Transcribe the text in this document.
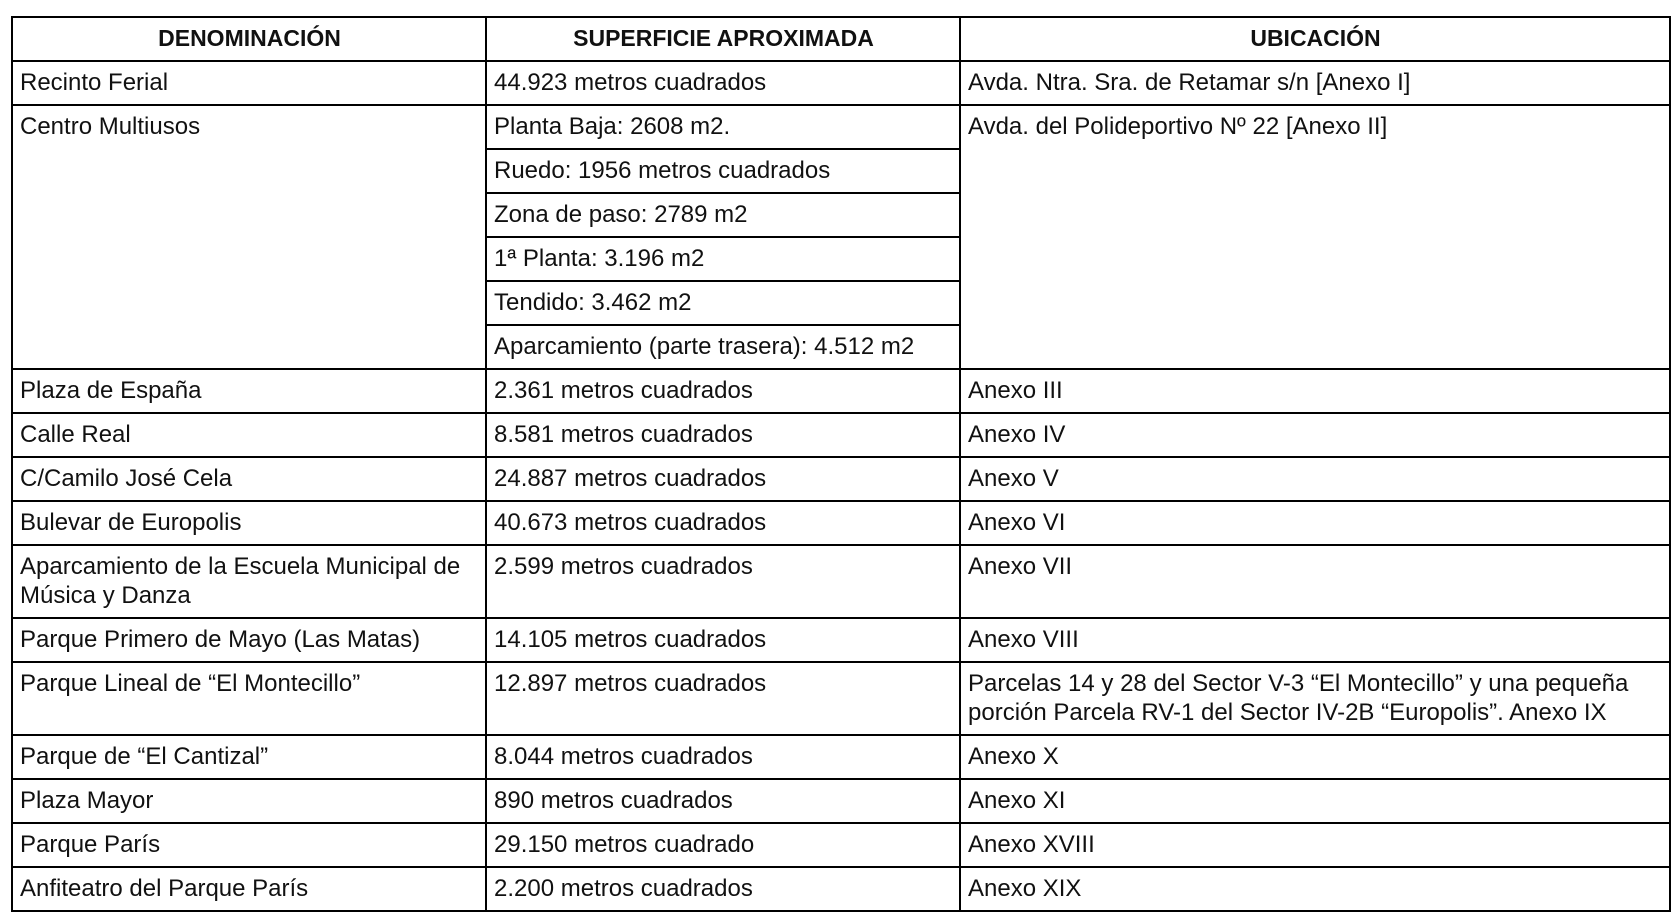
DENOMINACIÓN	SUPERFICIE APROXIMADA	UBICACIÓN
Recinto Ferial	44.923 metros cuadrados	Avda. Ntra. Sra. de Retamar s/n [Anexo I]
Centro Multiusos	Planta Baja: 2608 m2.	Avda. del Polideportivo Nº 22 [Anexo II]
	Ruedo: 1956 metros cuadrados	
	Zona de paso: 2789 m2	
	1ª Planta: 3.196 m2	
	Tendido: 3.462 m2	
	Aparcamiento (parte trasera): 4.512 m2	
Plaza de España	2.361 metros cuadrados	Anexo III
Calle Real	8.581 metros cuadrados	Anexo IV
C/Camilo José Cela	24.887 metros cuadrados	Anexo V
Bulevar de Europolis	40.673 metros cuadrados	Anexo VI
Aparcamiento de la Escuela Municipal de Música y Danza	2.599 metros cuadrados	Anexo VII
Parque Primero de Mayo (Las Matas)	14.105 metros cuadrados	Anexo VIII
Parque Lineal de “El Montecillo”	12.897 metros cuadrados	Parcelas 14 y 28 del Sector V-3 “El Montecillo” y una pequeña porción Parcela RV-1 del Sector IV-2B “Europolis”. Anexo IX
Parque de “El Cantizal”	8.044 metros cuadrados	Anexo X
Plaza Mayor	890 metros cuadrados	Anexo XI
Parque París	29.150 metros cuadrado	Anexo XVIII
Anfiteatro del Parque París	2.200 metros cuadrados	Anexo XIX
